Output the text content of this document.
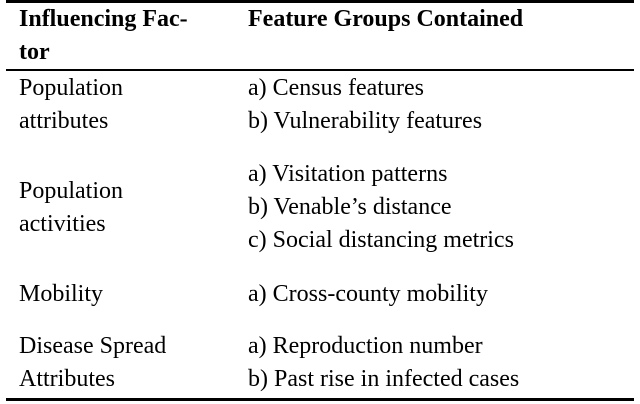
Influencing Fac-
tor
Feature Groups Contained
Population
attributes
a) Census features
b) Vulnerability features
Population
activities
a) Visitation patterns
b) Venable’s distance
c) Social distancing metrics
Mobility	a) Cross-county mobility
Disease Spread
Attributes
a) Reproduction number
b) Past rise in infected cases
